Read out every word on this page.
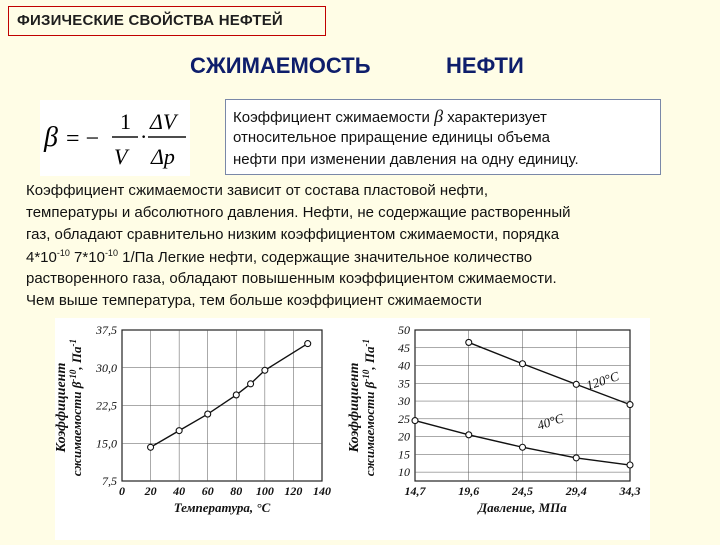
ФИЗИЧЕСКИЕ СВОЙСТВА НЕФТЕЙ
СЖИМАЕМОСТЬ	НЕФТИ
β = −
1
V
·
ΔV
Δp
Коэффициент сжимаемости β характеризует
относительное приращение единицы объема
нефти при изменении давления на одну единицу.
Коэффициент сжимаемости зависит от состава пластовой нефти,
температуры и абсолютного давления. Нефти, не содержащие растворенный
газ, обладают сравнительно низким коэффициентом сжимаемости, порядка
$4*10^{-10}$ $7*10^{-10}$ 1/Па Легкие нефти, содержащие значительное количество
растворенного газа, обладают повышенным коэффициентом сжимаемости.
Чем выше температура, тем больше коэффициент сжимаемости
0 20 40 60 80 100 120 140
7,5
15,0
22,5
30,0
37,5
Температура, °C
Коэффициент сжимаемости $\beta^{-10}$, $Па^{-1}$
14,7	19,6	24,5	29,4	34,3
10
15
20
25
30
35
40
45
50
Давление, МПа
Коэффициент сжимаемости $\beta^{-10}$, $Па^{-1}$
120°C
40°C
